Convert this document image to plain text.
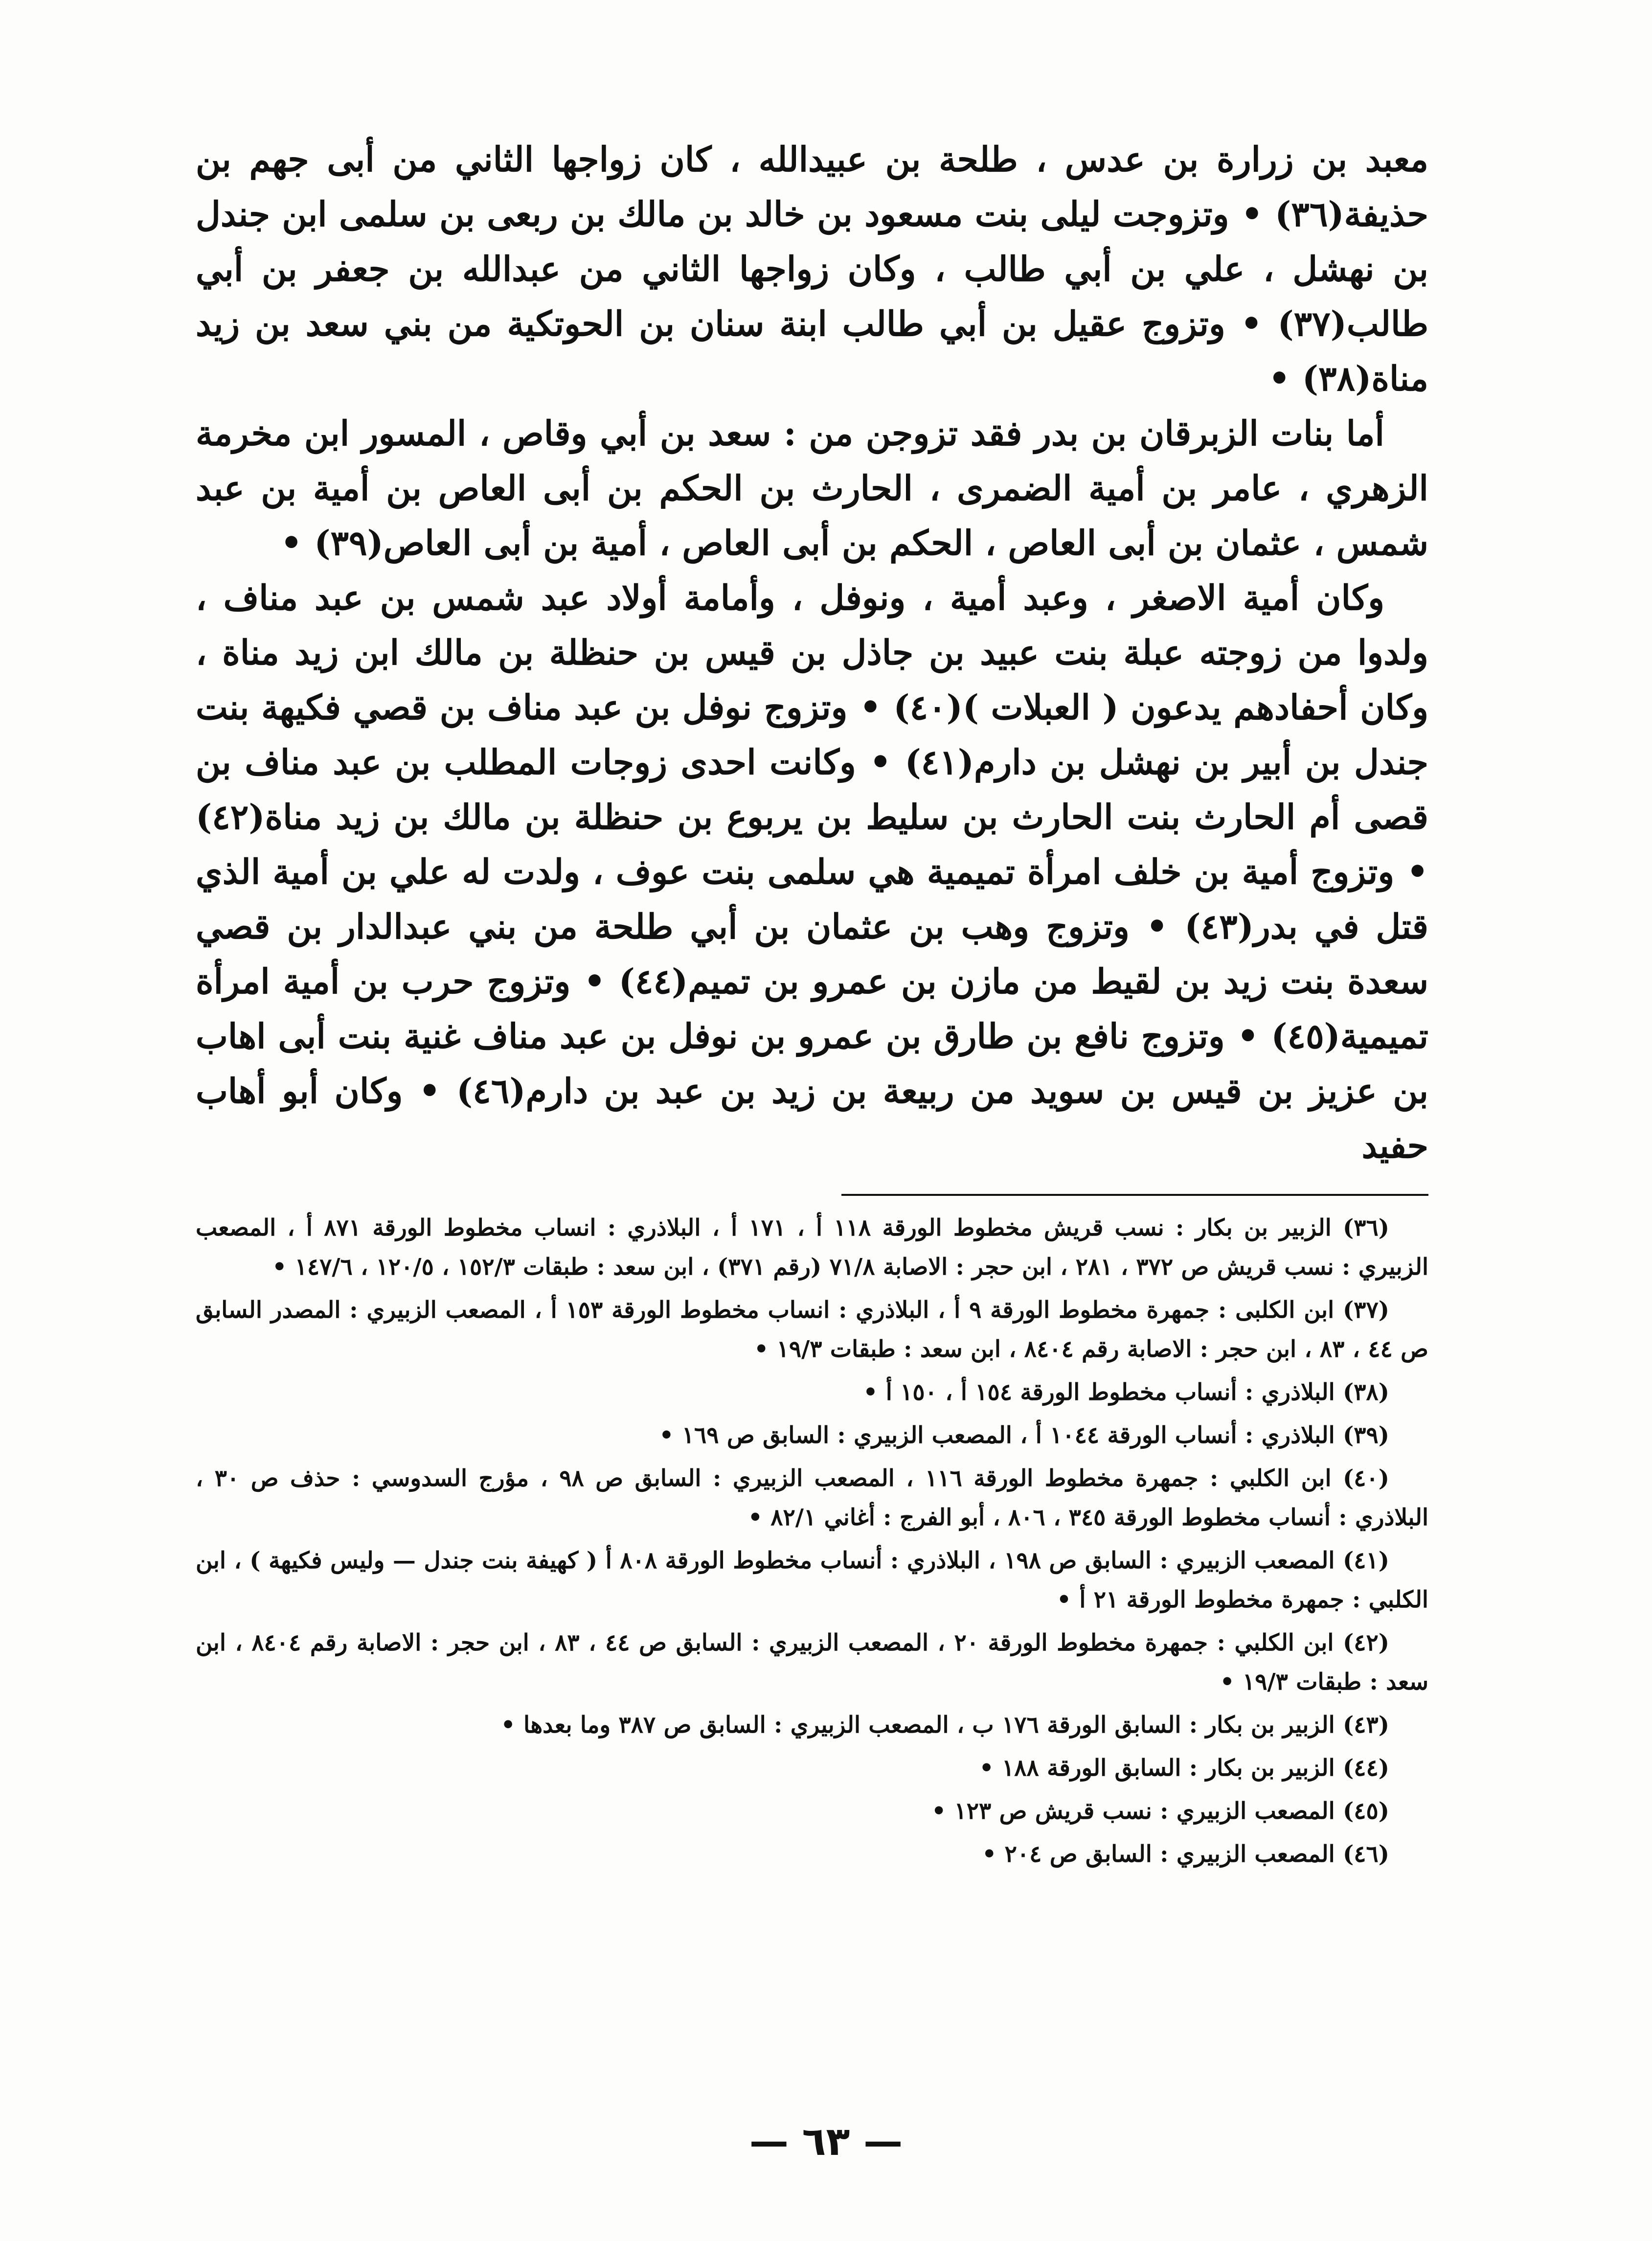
معبد بن زرارة بن عدس ، طلحة بن عبيدالله ، كان زواجها الثاني من أبى جهم بن حذيفة(٣٦) • وتزوجت ليلى بنت مسعود بن خالد بن مالك بن ربعى بن سلمى ابن جندل بن نهشل ، علي بن أبي طالب ، وكان زواجها الثاني من عبدالله بن جعفر بن أبي طالب(٣٧) • وتزوج عقيل بن أبي طالب ابنة سنان بن الحوتكية من بني سعد بن زيد مناة(٣٨) •

أما بنات الزبرقان بن بدر فقد تزوجن من : سعد بن أبي وقاص ، المسور ابن مخرمة الزهري ، عامر بن أمية الضمرى ، الحارث بن الحكم بن أبى العاص بن أمية بن عبد شمس ، عثمان بن أبى العاص ، الحكم بن أبى العاص ، أمية بن أبى العاص(٣٩) •

وكان أمية الاصغر ، وعبد أمية ، ونوفل ، وأمامة أولاد عبد شمس بن عبد مناف ، ولدوا من زوجته عبلة بنت عبيد بن جاذل بن قيس بن حنظلة بن مالك ابن زيد مناة ، وكان أحفادهم يدعون ( العبلات )(٤٠) • وتزوج نوفل بن عبد مناف بن قصي فكيهة بنت جندل بن أبير بن نهشل بن دارم(٤١) • وكانت احدى زوجات المطلب بن عبد مناف بن قصى أم الحارث بنت الحارث بن سليط بن يربوع بن حنظلة بن مالك بن زيد مناة(٤٢) • وتزوج أمية بن خلف امرأة تميمية هي سلمى بنت عوف ، ولدت له علي بن أمية الذي قتل في بدر(٤٣) • وتزوج وهب بن عثمان بن أبي طلحة من بني عبدالدار بن قصي سعدة بنت زيد بن لقيط من مازن بن عمرو بن تميم(٤٤) • وتزوج حرب بن أمية امرأة تميمية(٤٥) • وتزوج نافع بن طارق بن عمرو بن نوفل بن عبد مناف غنية بنت أبى اهاب بن عزيز بن قيس بن سويد من ربيعة بن زيد بن عبد بن دارم(٤٦) • وكان أبو أهاب حفيد

(٣٦) الزبير بن بكار : نسب قريش مخطوط الورقة ١١٨ أ ، ١٧١ أ ، البلاذري : انساب مخطوط الورقة ٨٧١ أ ، المصعب الزبيري : نسب قريش ص ٣٧٢ ، ٢٨١ ، ابن حجر : الاصابة ٧١/٨ (رقم ٣٧١) ، ابن سعد : طبقات ١٥٢/٣ ، ١٢٠/٥ ، ١٤٧/٦ •
(٣٧) ابن الكلبى : جمهرة مخطوط الورقة ٩ أ ، البلاذري : انساب مخطوط الورقة ١٥٣ أ ، المصعب الزبيري : المصدر السابق ص ٤٤ ، ٨٣ ، ابن حجر : الاصابة رقم ٨٤٠٤ ، ابن سعد : طبقات ١٩/٣ •
(٣٨) البلاذري : أنساب مخطوط الورقة ١٥٤ أ ، ١٥٠ أ •
(٣٩) البلاذري : أنساب الورقة ١٠٤٤ أ ، المصعب الزبيري : السابق ص ١٦٩ •
(٤٠) ابن الكلبي : جمهرة مخطوط الورقة ١١٦ ، المصعب الزبيري : السابق ص ٩٨ ، مؤرج السدوسي : حذف ص ٣٠ ، البلاذري : أنساب مخطوط الورقة ٣٤٥ ، ٨٠٦ ، أبو الفرج : أغاني ٨٢/١ •
(٤١) المصعب الزبيري : السابق ص ١٩٨ ، البلاذري : أنساب مخطوط الورقة ٨٠٨ أ ( كهيفة بنت جندل — وليس فكيهة ) ، ابن الكلبي : جمهرة مخطوط الورقة ٢١ أ •
(٤٢) ابن الكلبي : جمهرة مخطوط الورقة ٢٠ ، المصعب الزبيري : السابق ص ٤٤ ، ٨٣ ، ابن حجر : الاصابة رقم ٨٤٠٤ ، ابن سعد : طبقات ١٩/٣ •
(٤٣) الزبير بن بكار : السابق الورقة ١٧٦ ب ، المصعب الزبيري : السابق ص ٣٨٧ وما بعدها •
(٤٤) الزبير بن بكار : السابق الورقة ١٨٨ •
(٤٥) المصعب الزبيري : نسب قريش ص ١٢٣ •
(٤٦) المصعب الزبيري : السابق ص ٢٠٤ •
— ٦٣ —
